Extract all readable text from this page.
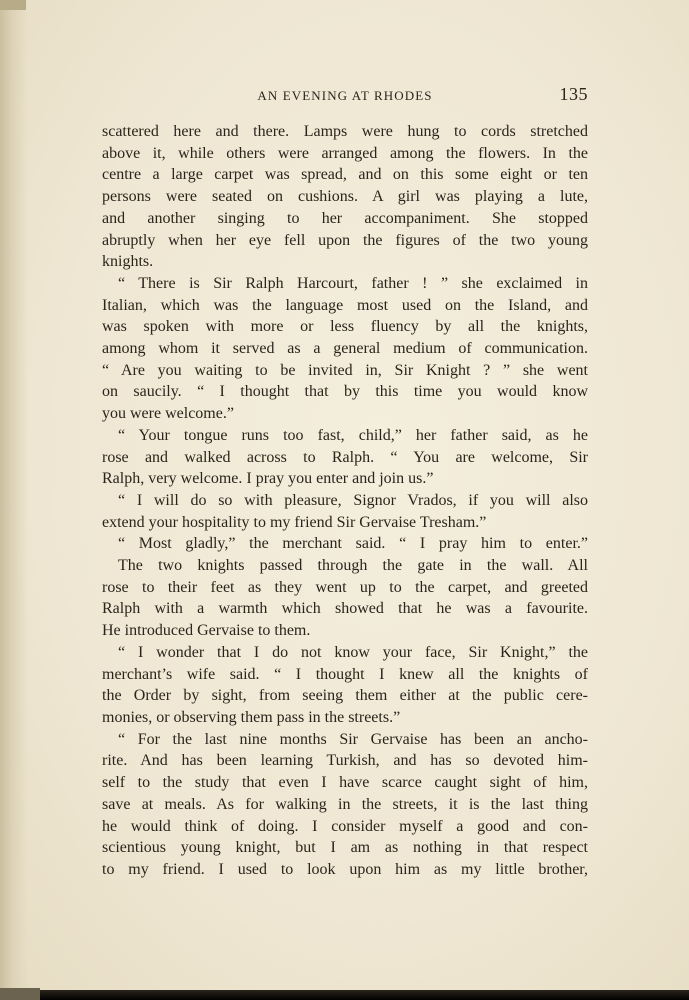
AN EVENING AT RHODES	135
scattered here and there. Lamps were hung to cords stretched
above it, while others were arranged among the flowers. In the
centre a large carpet was spread, and on this some eight or ten
persons were seated on cushions. A girl was playing a lute,
and another singing to her accompaniment. She stopped
abruptly when her eye fell upon the figures of the two young
knights.
“ There is Sir Ralph Harcourt, father ! ” she exclaimed in
Italian, which was the language most used on the Island, and
was spoken with more or less fluency by all the knights,
among whom it served as a general medium of communication.
“ Are you waiting to be invited in, Sir Knight ? ” she went
on saucily. “ I thought that by this time you would know
you were welcome.”
“ Your tongue runs too fast, child,” her father said, as he
rose and walked across to Ralph. “ You are welcome, Sir
Ralph, very welcome. I pray you enter and join us.”
“ I will do so with pleasure, Signor Vrados, if you will also
extend your hospitality to my friend Sir Gervaise Tresham.”
“ Most gladly,” the merchant said. “ I pray him to enter.”
The two knights passed through the gate in the wall. All
rose to their feet as they went up to the carpet, and greeted
Ralph with a warmth which showed that he was a favourite.
He introduced Gervaise to them.
“ I wonder that I do not know your face, Sir Knight,” the
merchant’s wife said. “ I thought I knew all the knights of
the Order by sight, from seeing them either at the public cere-
monies, or observing them pass in the streets.”
“ For the last nine months Sir Gervaise has been an ancho-
rite. And has been learning Turkish, and has so devoted him-
self to the study that even I have scarce caught sight of him,
save at meals. As for walking in the streets, it is the last thing
he would think of doing. I consider myself a good and con-
scientious young knight, but I am as nothing in that respect
to my friend. I used to look upon him as my little brother,
